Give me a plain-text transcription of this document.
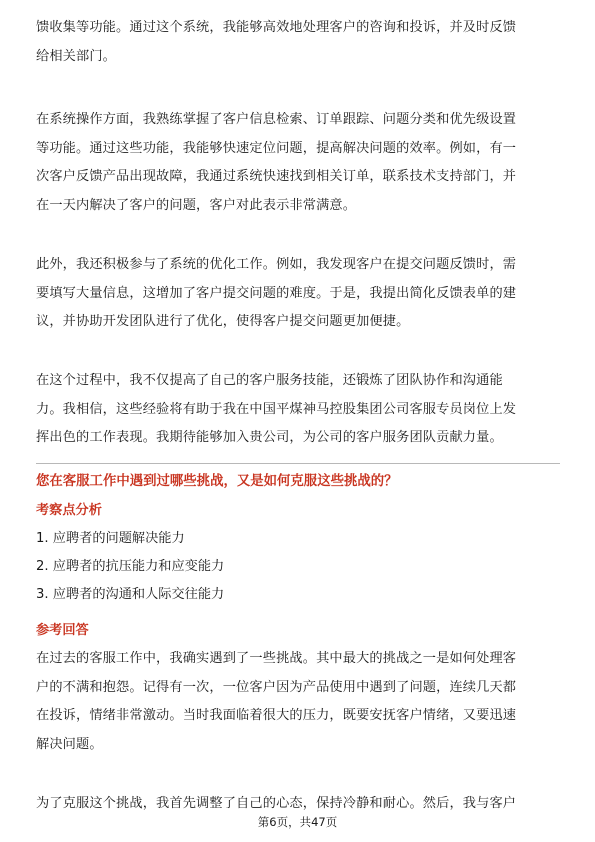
馈收集等功能。通过这个系统，我能够高效地处理客户的咨询和投诉，并及时反馈
给相关部门。

在系统操作方面，我熟练掌握了客户信息检索、订单跟踪、问题分类和优先级设置
等功能。通过这些功能，我能够快速定位问题，提高解决问题的效率。例如，有一
次客户反馈产品出现故障，我通过系统快速找到相关订单，联系技术支持部门，并
在一天内解决了客户的问题，客户对此表示非常满意。

此外，我还积极参与了系统的优化工作。例如，我发现客户在提交问题反馈时，需
要填写大量信息，这增加了客户提交问题的难度。于是，我提出简化反馈表单的建
议，并协助开发团队进行了优化，使得客户提交问题更加便捷。

在这个过程中，我不仅提高了自己的客户服务技能，还锻炼了团队协作和沟通能
力。我相信，这些经验将有助于我在中国平煤神马控股集团公司客服专员岗位上发
挥出色的工作表现。我期待能够加入贵公司，为公司的客户服务团队贡献力量。

您在客服工作中遇到过哪些挑战，又是如何克服这些挑战的？
考察点分析
1. 应聘者的问题解决能力
2. 应聘者的抗压能力和应变能力
3. 应聘者的沟通和人际交往能力
参考回答

在过去的客服工作中，我确实遇到了一些挑战。其中最大的挑战之一是如何处理客
户的不满和抱怨。记得有一次，一位客户因为产品使用中遇到了问题，连续几天都
在投诉，情绪非常激动。当时我面临着很大的压力，既要安抚客户情绪，又要迅速
解决问题。

为了克服这个挑战，我首先调整了自己的心态，保持冷静和耐心。然后，我与客户

第6页，共47页
